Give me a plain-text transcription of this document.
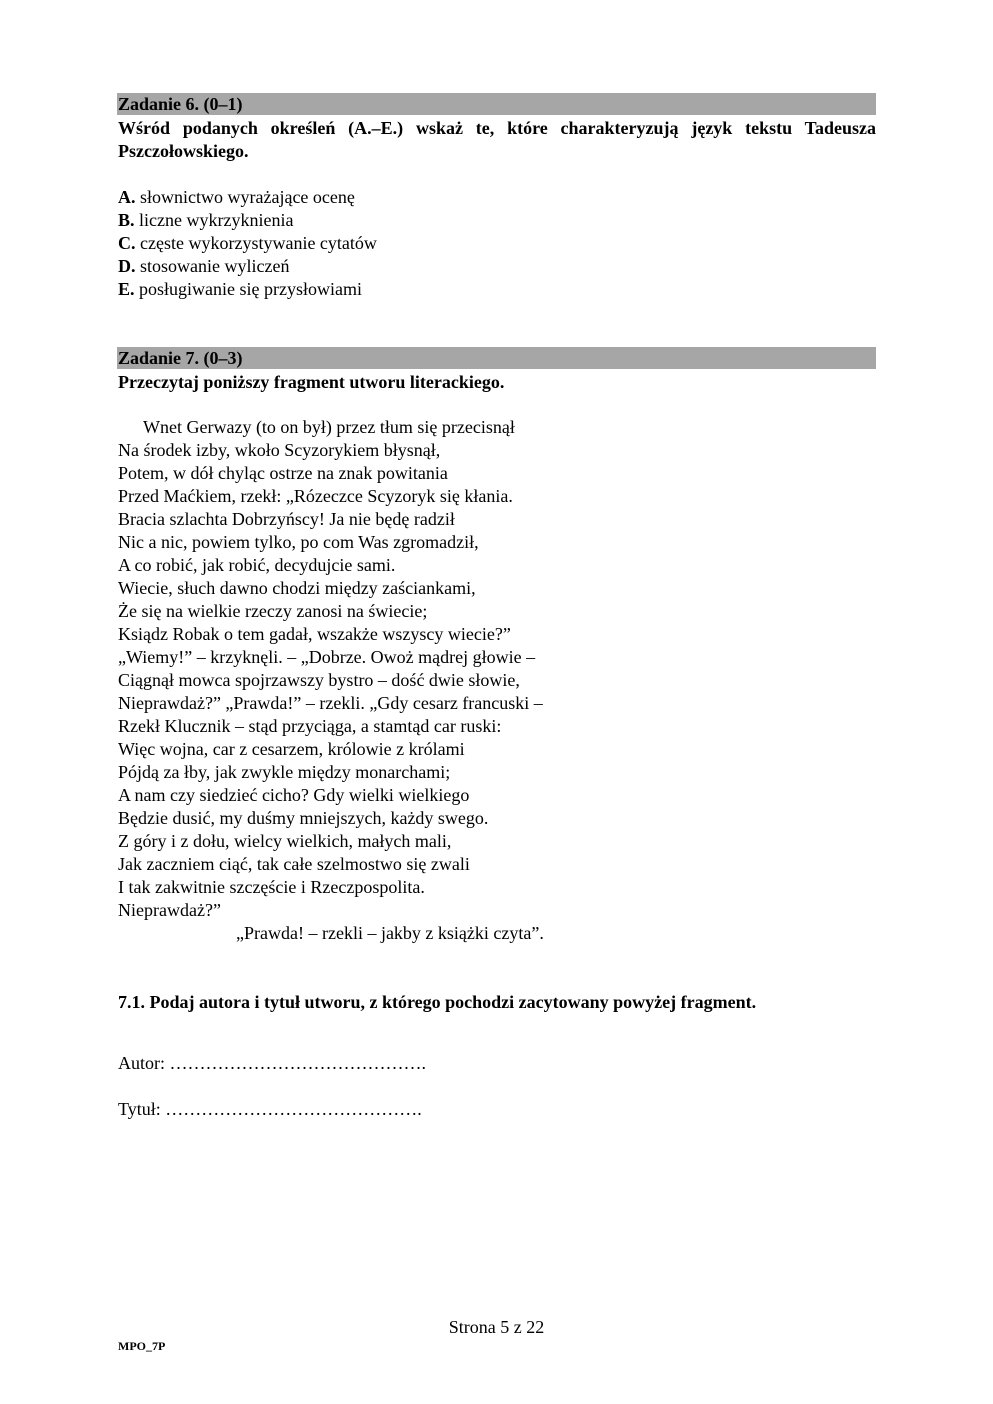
Zadanie 6. (0–1)
Wśród podanych określeń (A.–E.) wskaż te, które charakteryzują język tekstu Tadeusza Pszczołowskiego.
A. słownictwo wyrażające ocenę
B. liczne wykrzyknienia
C. częste wykorzystywanie cytatów
D. stosowanie wyliczeń
E. posługiwanie się przysłowiami
Zadanie 7. (0–3)
Przeczytaj poniższy fragment utworu literackiego.
Wnet Gerwazy (to on był) przez tłum się przecisnął
Na środek izby, wkoło Scyzorykiem błysnął,
Potem, w dół chyląc ostrze na znak powitania
Przed Maćkiem, rzekł: „Rózeczce Scyzoryk się kłania.
Bracia szlachta Dobrzyńscy! Ja nie będę radził
Nic a nic, powiem tylko, po com Was zgromadził,
A co robić, jak robić, decydujcie sami.
Wiecie, słuch dawno chodzi między zaściankami,
Że się na wielkie rzeczy zanosi na świecie;
Ksiądz Robak o tem gadał, wszakże wszyscy wiecie?”
„Wiemy!” – krzyknęli. – „Dobrze. Owoż mądrej głowie –
Ciągnął mowca spojrzawszy bystro – dość dwie słowie,
Nieprawdaż?” „Prawda!” – rzekli. „Gdy cesarz francuski –
Rzekł Klucznik – stąd przyciąga, a stamtąd car ruski:
Więc wojna, car z cesarzem, królowie z królami
Pójdą za łby, jak zwykle między monarchami;
A nam czy siedzieć cicho? Gdy wielki wielkiego
Będzie dusić, my duśmy mniejszych, każdy swego.
Z góry i z dołu, wielcy wielkich, małych mali,
Jak zaczniem ciąć, tak całe szelmostwo się zwali
I tak zakwitnie szczęście i Rzeczpospolita.
Nieprawdaż?”
„Prawda! – rzekli – jakby z książki czyta”.
7.1. Podaj autora i tytuł utworu, z którego pochodzi zacytowany powyżej fragment.
Autor: …………………………………….
Tytuł: …………………………………….
Strona 5 z 22
MPO_7P
